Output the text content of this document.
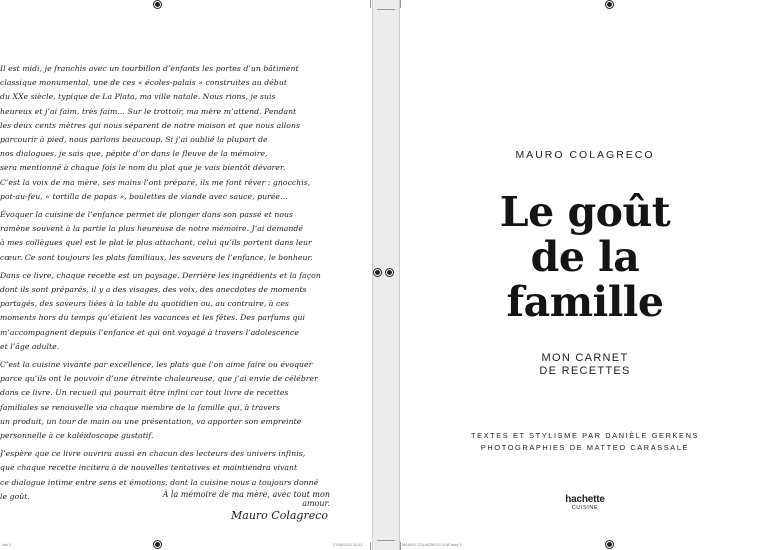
Il est midi, je franchis avec un tourbillon d’enfants les portes d’un bâtiment
classique monumental, une de ces « écoles-palais » construites au début
du XXe siècle, typique de La Plata, ma ville natale. Nous rions, je suis
heureux et j’ai faim, très faim… Sur le trottoir, ma mère m’attend. Pendant
les deux cents mètres qui nous séparent de notre maison et que nous allons
parcourir à pied, nous parlons beaucoup. Si j’ai oublié la plupart de
nos dialogues, je sais que, pépite d’or dans le fleuve de la mémoire,
sera mentionné à chaque fois le nom du plat que je vais bientôt dévorer.
C’est la voix de ma mère, ses mains l’ont préparé, ils me font rêver : gnocchis,
pot-au-feu, « tortilla de papas », boulettes de viande avec sauce, purée…

Évoquer la cuisine de l’enfance permet de plonger dans son passé et nous
ramène souvent à la partie la plus heureuse de notre mémoire. J’ai demandé
à mes collègues quel est le plat le plus attachant, celui qu’ils portent dans leur
cœur. Ce sont toujours les plats familiaux, les saveurs de l’enfance, le bonheur.

Dans ce livre, chaque recette est un paysage. Derrière les ingrédients et la façon
dont ils sont préparés, il y a des visages, des voix, des anecdotes de moments
partagés, des saveurs liées à la table du quotidien ou, au contraire, à ces
moments hors du temps qu’étaient les vacances et les fêtes. Des parfums qui
m’accompagnent depuis l’enfance et qui ont voyagé à travers l’adolescence
et l’âge adulte.

C’est la cuisine vivante par excellence, les plats que l’on aime faire ou évoquer
parce qu’ils ont le pouvoir d’une étreinte chaleureuse, que j’ai envie de célébrer
dans ce livre. Un recueil qui pourrait être infini car tout livre de recettes
familiales se renouvelle via chaque membre de la famille qui, à travers
un produit, un tour de main ou une présentation, va apporter son empreinte
personnelle à ce kaléidoscope gustatif.

J’espère que ce livre ouvrira aussi en chacun des lecteurs des univers infinis,
que chaque recette incitera à de nouvelles tentatives et maintiendra vivant
ce dialogue intime entre sens et émotions, dont la cuisine nous a toujours donné
le goût.	À la mémoire de ma mère, avec tout mon amour.
Mauro Colagreco
MAURO COLAGRECO
Le goût
de la
famille
MON CARNET
DE RECETTES
TEXTES ET STYLISME PAR DANIÈLE GERKENS
PHOTOGRAPHIES DE MATTEO CARASSALE
hachette
CUISINE
inol 2	27/08/2021 12:12	MAURO COLAGRECO ILAF.indd 3
